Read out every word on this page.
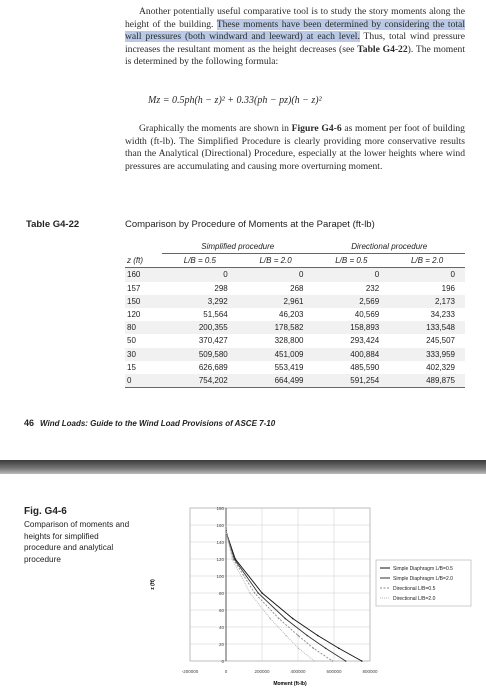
Another potentially useful comparative tool is to study the story moments along the height of the building. These moments have been determined by considering the total wall pressures (both windward and leeward) at each level. Thus, total wind pressure increases the resultant moment as the height decreases (see Table G4-22). The moment is determined by the following formula:
Mz = 0.5ph(h − z)² + 0.33(ph − pz)(h − z)²
Graphically the moments are shown in Figure G4-6 as moment per foot of building width (ft-lb). The Simplified Procedure is clearly providing more conservative results than the Analytical (Directional) Procedure, especially at the lower heights where wind pressures are accumulating and causing more overturning moment.
Table G4-22	Comparison by Procedure of Moments at the Parapet (ft-lb)
	Simplified procedure		Directional procedure	
z (ft)	L/B = 0.5	L/B = 2.0	L/B = 0.5	L/B = 2.0
160	0	0	0	0
157	298	268	232	196
150	3,292	2,961	2,569	2,173
120	51,564	46,203	40,569	34,233
80	200,355	178,582	158,893	133,548
50	370,427	328,800	293,424	245,507
30	509,580	451,009	400,884	333,959
15	626,689	553,419	485,590	402,329
0	754,202	664,499	591,254	489,875
46 Wind Loads: Guide to the Wind Load Provisions of ASCE 7-10
Fig. G4-6
Comparison of moments and heights for simplified procedure and analytical procedure
0
20
40
60
80
100
120
140
160
180
-200000	0	200000	400000	600000	800000
Moment (ft-lb)
z (ft)
Simple Diaphragm L/B=0.5
Simple Diaphragm L/B=2.0
Directional L/B=0.5
Directional L/B=2.0
